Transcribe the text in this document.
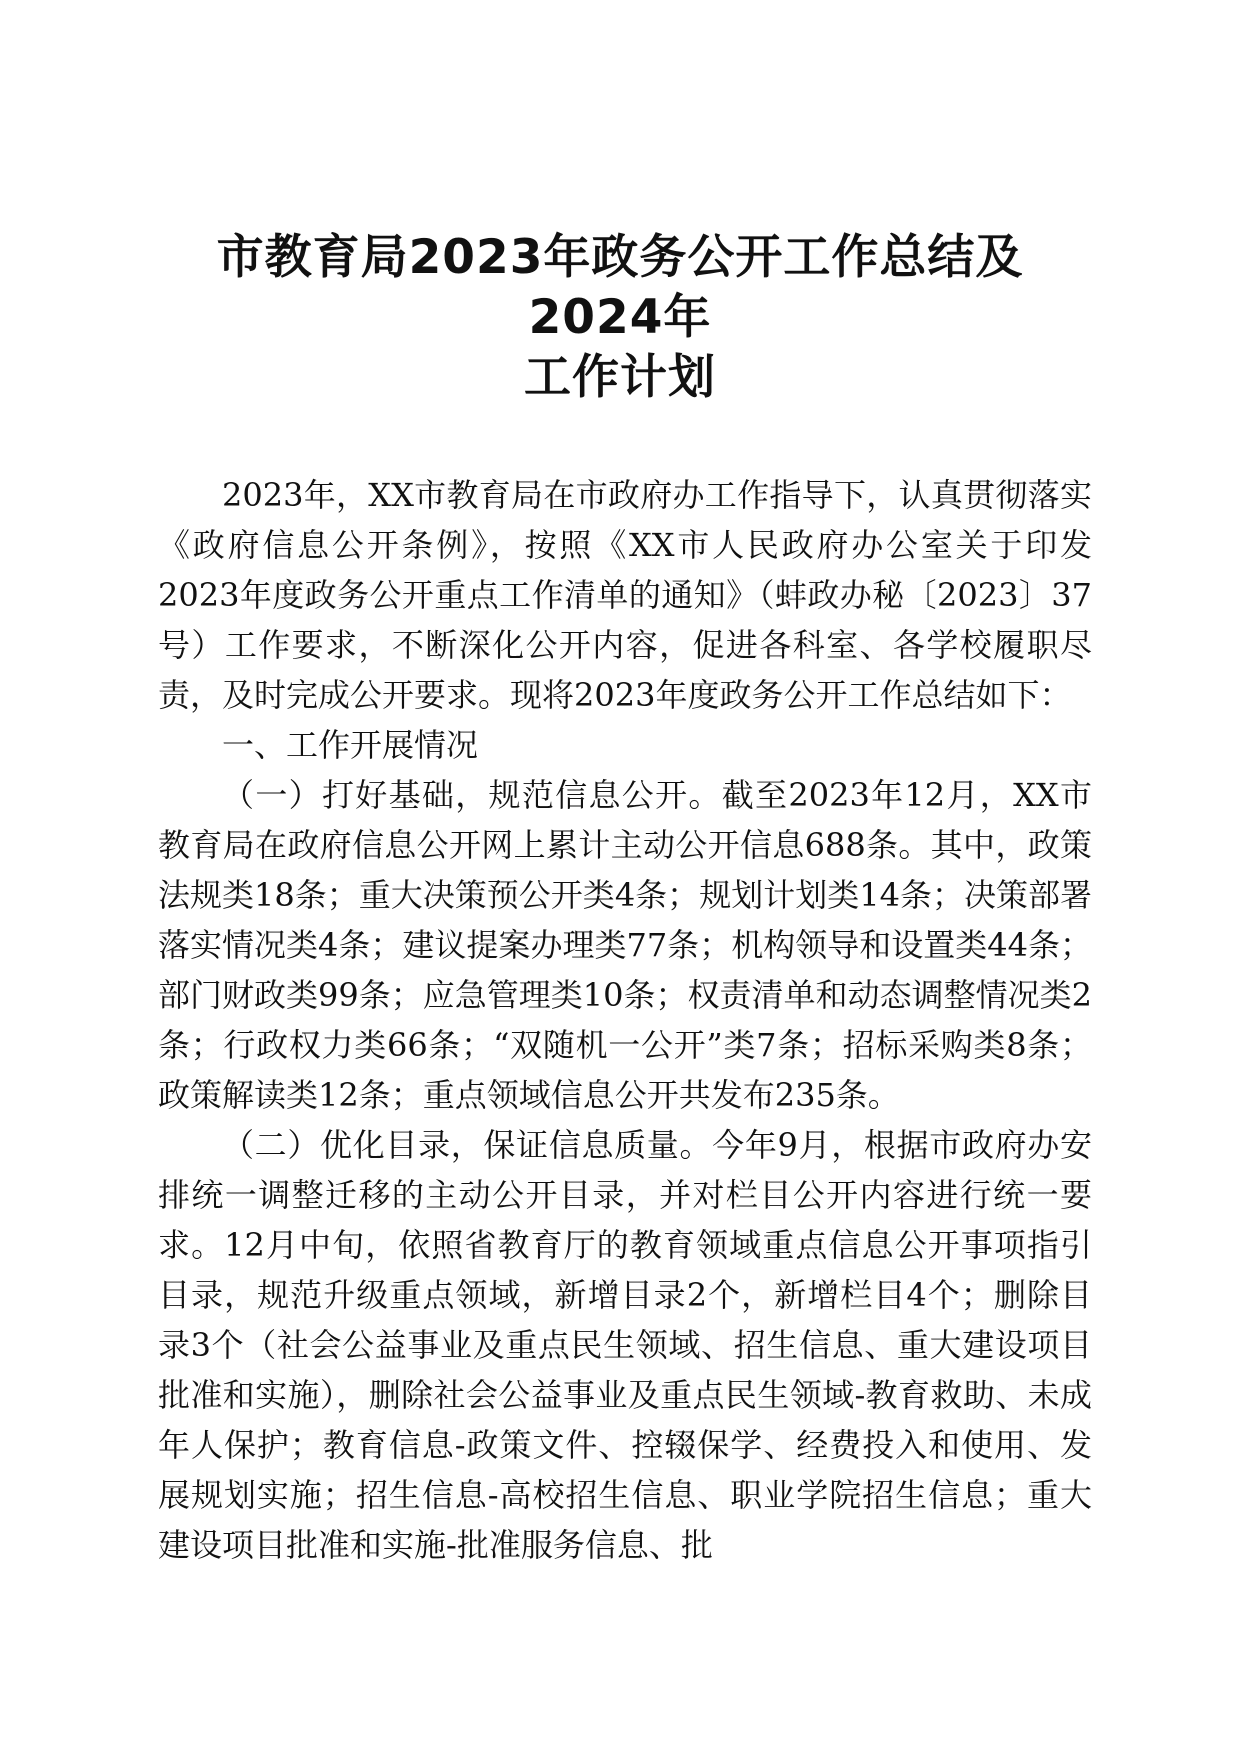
市教育局2023年政务公开工作总结及2024年
工作计划

2023年，XX市教育局在市政府办工作指导下，认真贯彻落实《政府信息公开条例》，按照《XX市人民政府办公室关于印发2023年度政务公开重点工作清单的通知》（蚌政办秘〔2023〕37号）工作要求，不断深化公开内容，促进各科室、各学校履职尽责，及时完成公开要求。现将2023年度政务公开工作总结如下：

一、工作开展情况

（一）打好基础，规范信息公开。截至2023年12月，XX市教育局在政府信息公开网上累计主动公开信息688条。其中，政策法规类18条；重大决策预公开类4条；规划计划类14条；决策部署落实情况类4条；建议提案办理类77条；机构领导和设置类44条；部门财政类99条；应急管理类10条；权责清单和动态调整情况类2条；行政权力类66条；“双随机一公开”类7条；招标采购类8条；政策解读类12条；重点领域信息公开共发布235条。

（二）优化目录，保证信息质量。今年9月，根据市政府办安排统一调整迁移的主动公开目录，并对栏目公开内容进行统一要求。12月中旬，依照省教育厅的教育领域重点信息公开事项指引目录，规范升级重点领域，新增目录2个，新增栏目4个；删除目录3个（社会公益事业及重点民生领域、招生信息、重大建设项目批准和实施），删除社会公益事业及重点民生领域-教育救助、未成年人保护；教育信息-政策文件、控辍保学、经费投入和使用、发展规划实施；招生信息-高校招生信息、职业学院招生信息；重大建设项目批准和实施-批准服务信息、批
